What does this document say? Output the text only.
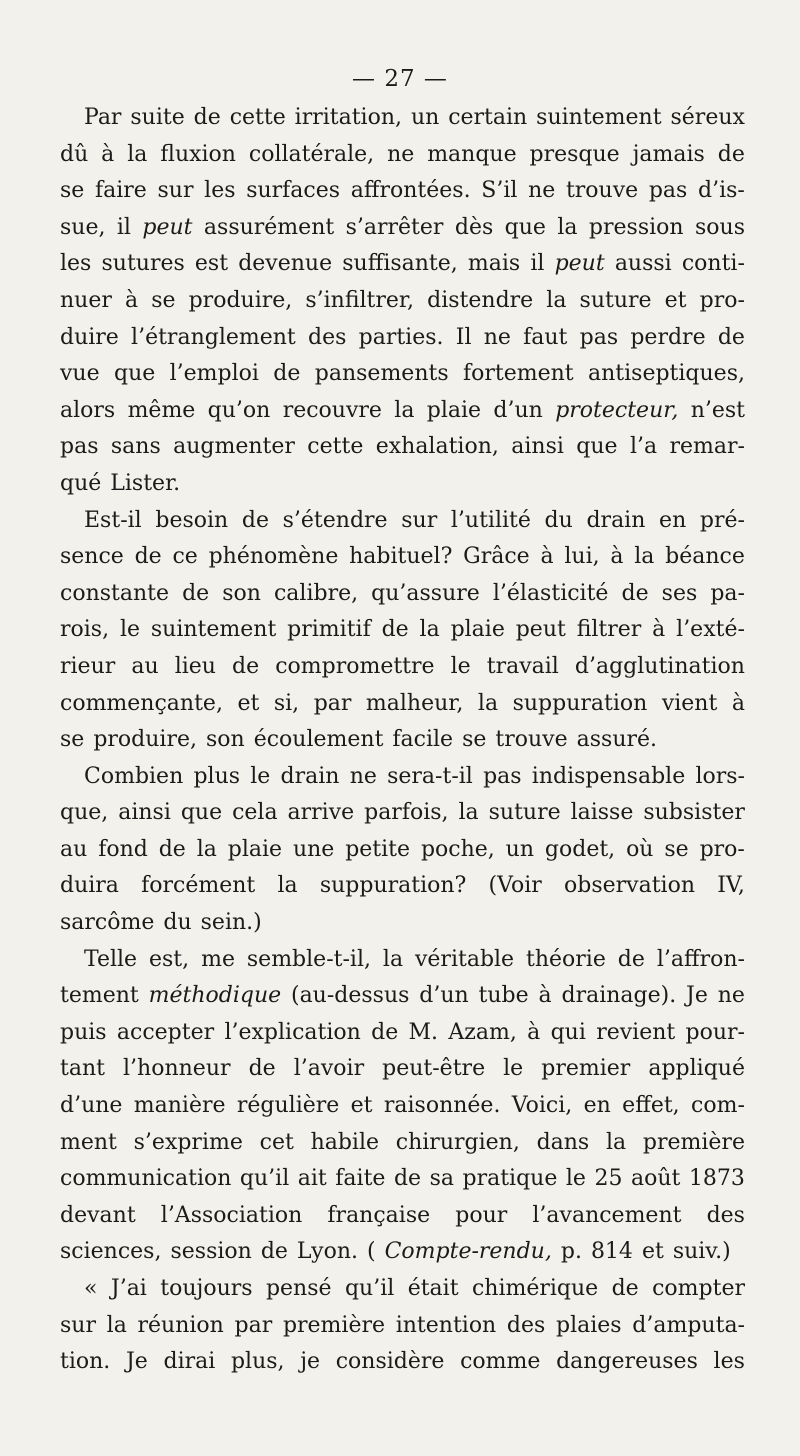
— 27 —
Par suite de cette irritation, un certain suintement séreux
dû à la fluxion collatérale, ne manque presque jamais de
se faire sur les surfaces affrontées. S’il ne trouve pas d’is-
sue, il peut assurément s’arrêter dès que la pression sous
les sutures est devenue suffisante, mais il peut aussi conti-
nuer à se produire, s’infiltrer, distendre la suture et pro-
duire l’étranglement des parties. Il ne faut pas perdre de
vue que l’emploi de pansements fortement antiseptiques,
alors même qu’on recouvre la plaie d’un protecteur, n’est
pas sans augmenter cette exhalation, ainsi que l’a remar-
qué Lister.
Est-il besoin de s’étendre sur l’utilité du drain en pré-
sence de ce phénomène habituel? Grâce à lui, à la béance
constante de son calibre, qu’assure l’élasticité de ses pa-
rois, le suintement primitif de la plaie peut filtrer à l’exté-
rieur au lieu de compromettre le travail d’agglutination
commençante, et si, par malheur, la suppuration vient à
se produire, son écoulement facile se trouve assuré.
Combien plus le drain ne sera-t-il pas indispensable lors-
que, ainsi que cela arrive parfois, la suture laisse subsister
au fond de la plaie une petite poche, un godet, où se pro-
duira forcément la suppuration? (Voir observation IV,
sarcôme du sein.)
Telle est, me semble-t-il, la véritable théorie de l’affron-
tement méthodique (au-dessus d’un tube à drainage). Je ne
puis accepter l’explication de M. Azam, à qui revient pour-
tant l’honneur de l’avoir peut-être le premier appliqué
d’une manière régulière et raisonnée. Voici, en effet, com-
ment s’exprime cet habile chirurgien, dans la première
communication qu’il ait faite de sa pratique le 25 août 1873
devant l’Association française pour l’avancement des
sciences, session de Lyon. ( Compte-rendu, p. 814 et suiv.)
« J’ai toujours pensé qu’il était chimérique de compter
sur la réunion par première intention des plaies d’amputa-
tion. Je dirai plus, je considère comme dangereuses les
